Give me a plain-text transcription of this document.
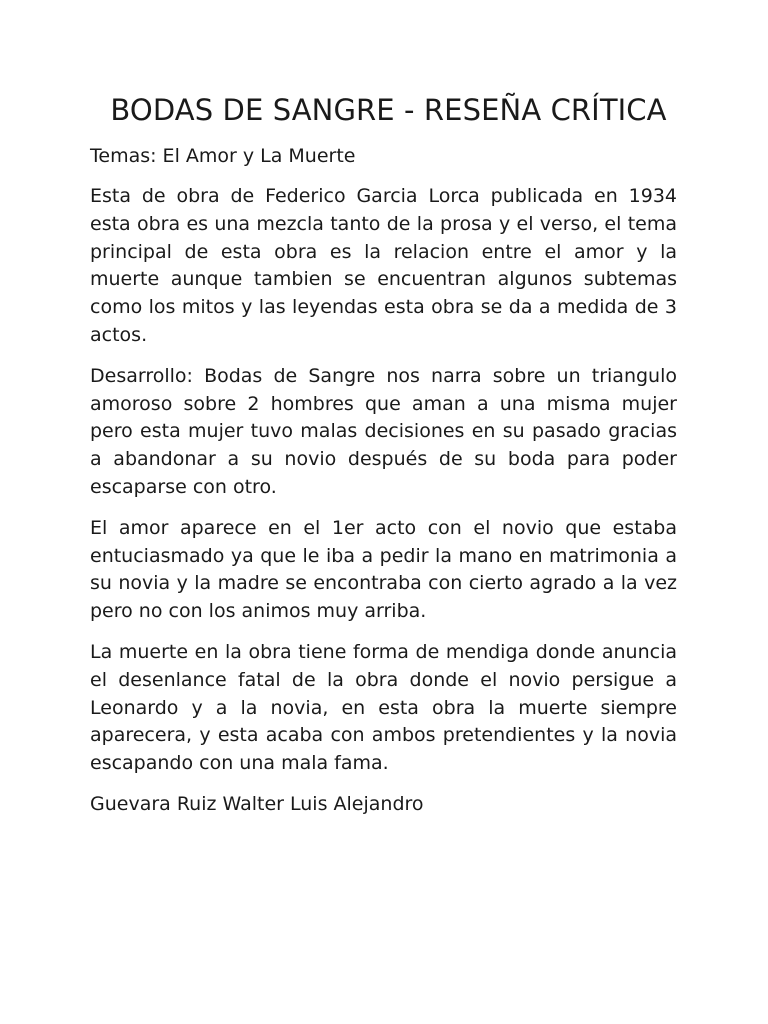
BODAS DE SANGRE - RESEÑA CRÍTICA

Temas: El Amor y La Muerte

Esta de obra de Federico Garcia Lorca publicada en 1934 esta obra es una mezcla tanto de la prosa y el verso, el tema principal de esta obra es la relacion entre el amor y la muerte aunque tambien se encuentran algunos subtemas como los mitos y las leyendas esta obra se da a medida de 3 actos.

Desarrollo: Bodas de Sangre nos narra sobre un triangulo amoroso sobre 2 hombres que aman a una misma mujer pero esta mujer tuvo malas decisiones en su pasado gracias a abandonar a su novio después de su boda para poder escaparse con otro.

El amor aparece en el 1er acto con el novio que estaba entuciasmado ya que le iba a pedir la mano en matrimonia a su novia y la madre se encontraba con cierto agrado a la vez pero no con los animos muy arriba.

La muerte en la obra tiene forma de mendiga donde anuncia el desenlance fatal de la obra donde el novio persigue a Leonardo y a la novia, en esta obra la muerte siempre aparecera, y esta acaba con ambos pretendientes y la novia escapando con una mala fama.

Guevara Ruiz Walter Luis Alejandro
